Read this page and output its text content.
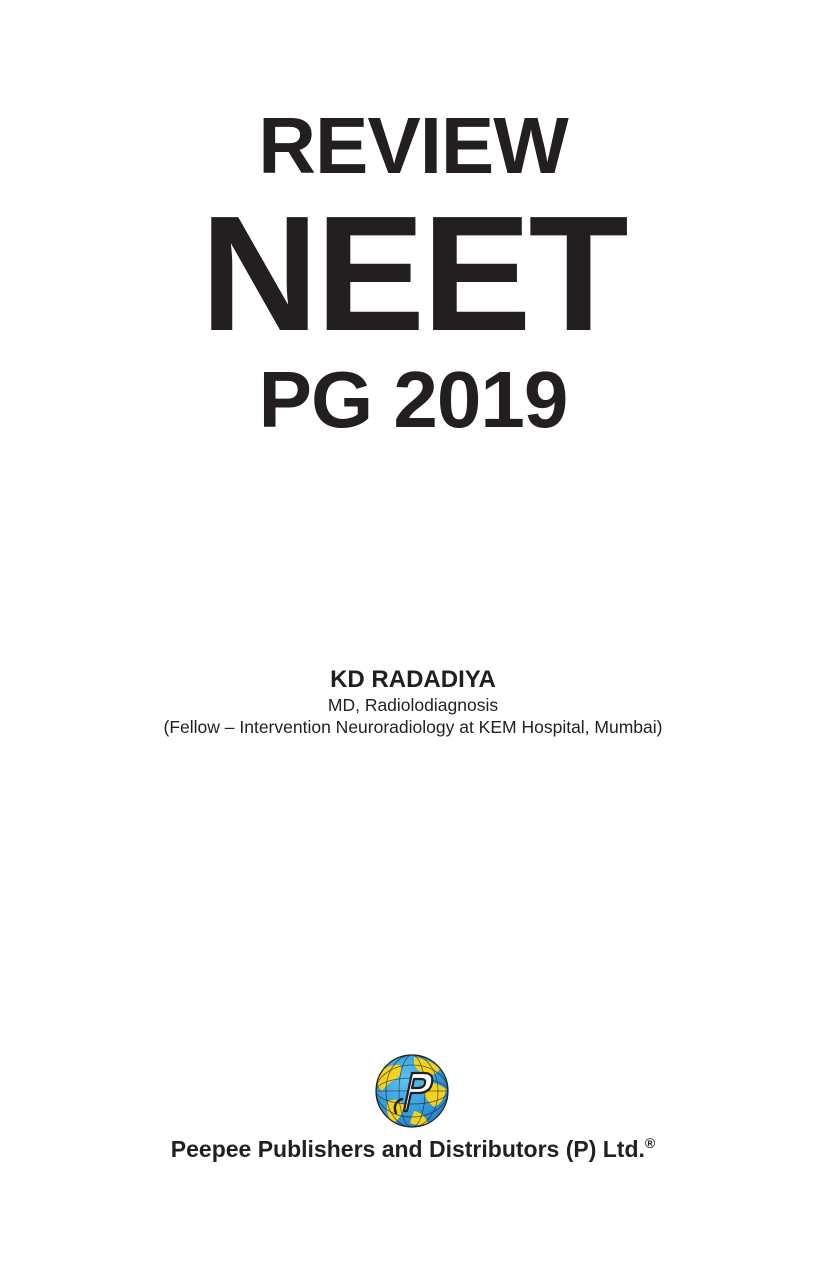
REVIEW
NEET
PG 2019
KD RADADIYA
MD, Radiolodiagnosis
(Fellow – Intervention Neuroradiology at KEM Hospital, Mumbai)
Peepee Publishers and Distributors (P) Ltd.®
